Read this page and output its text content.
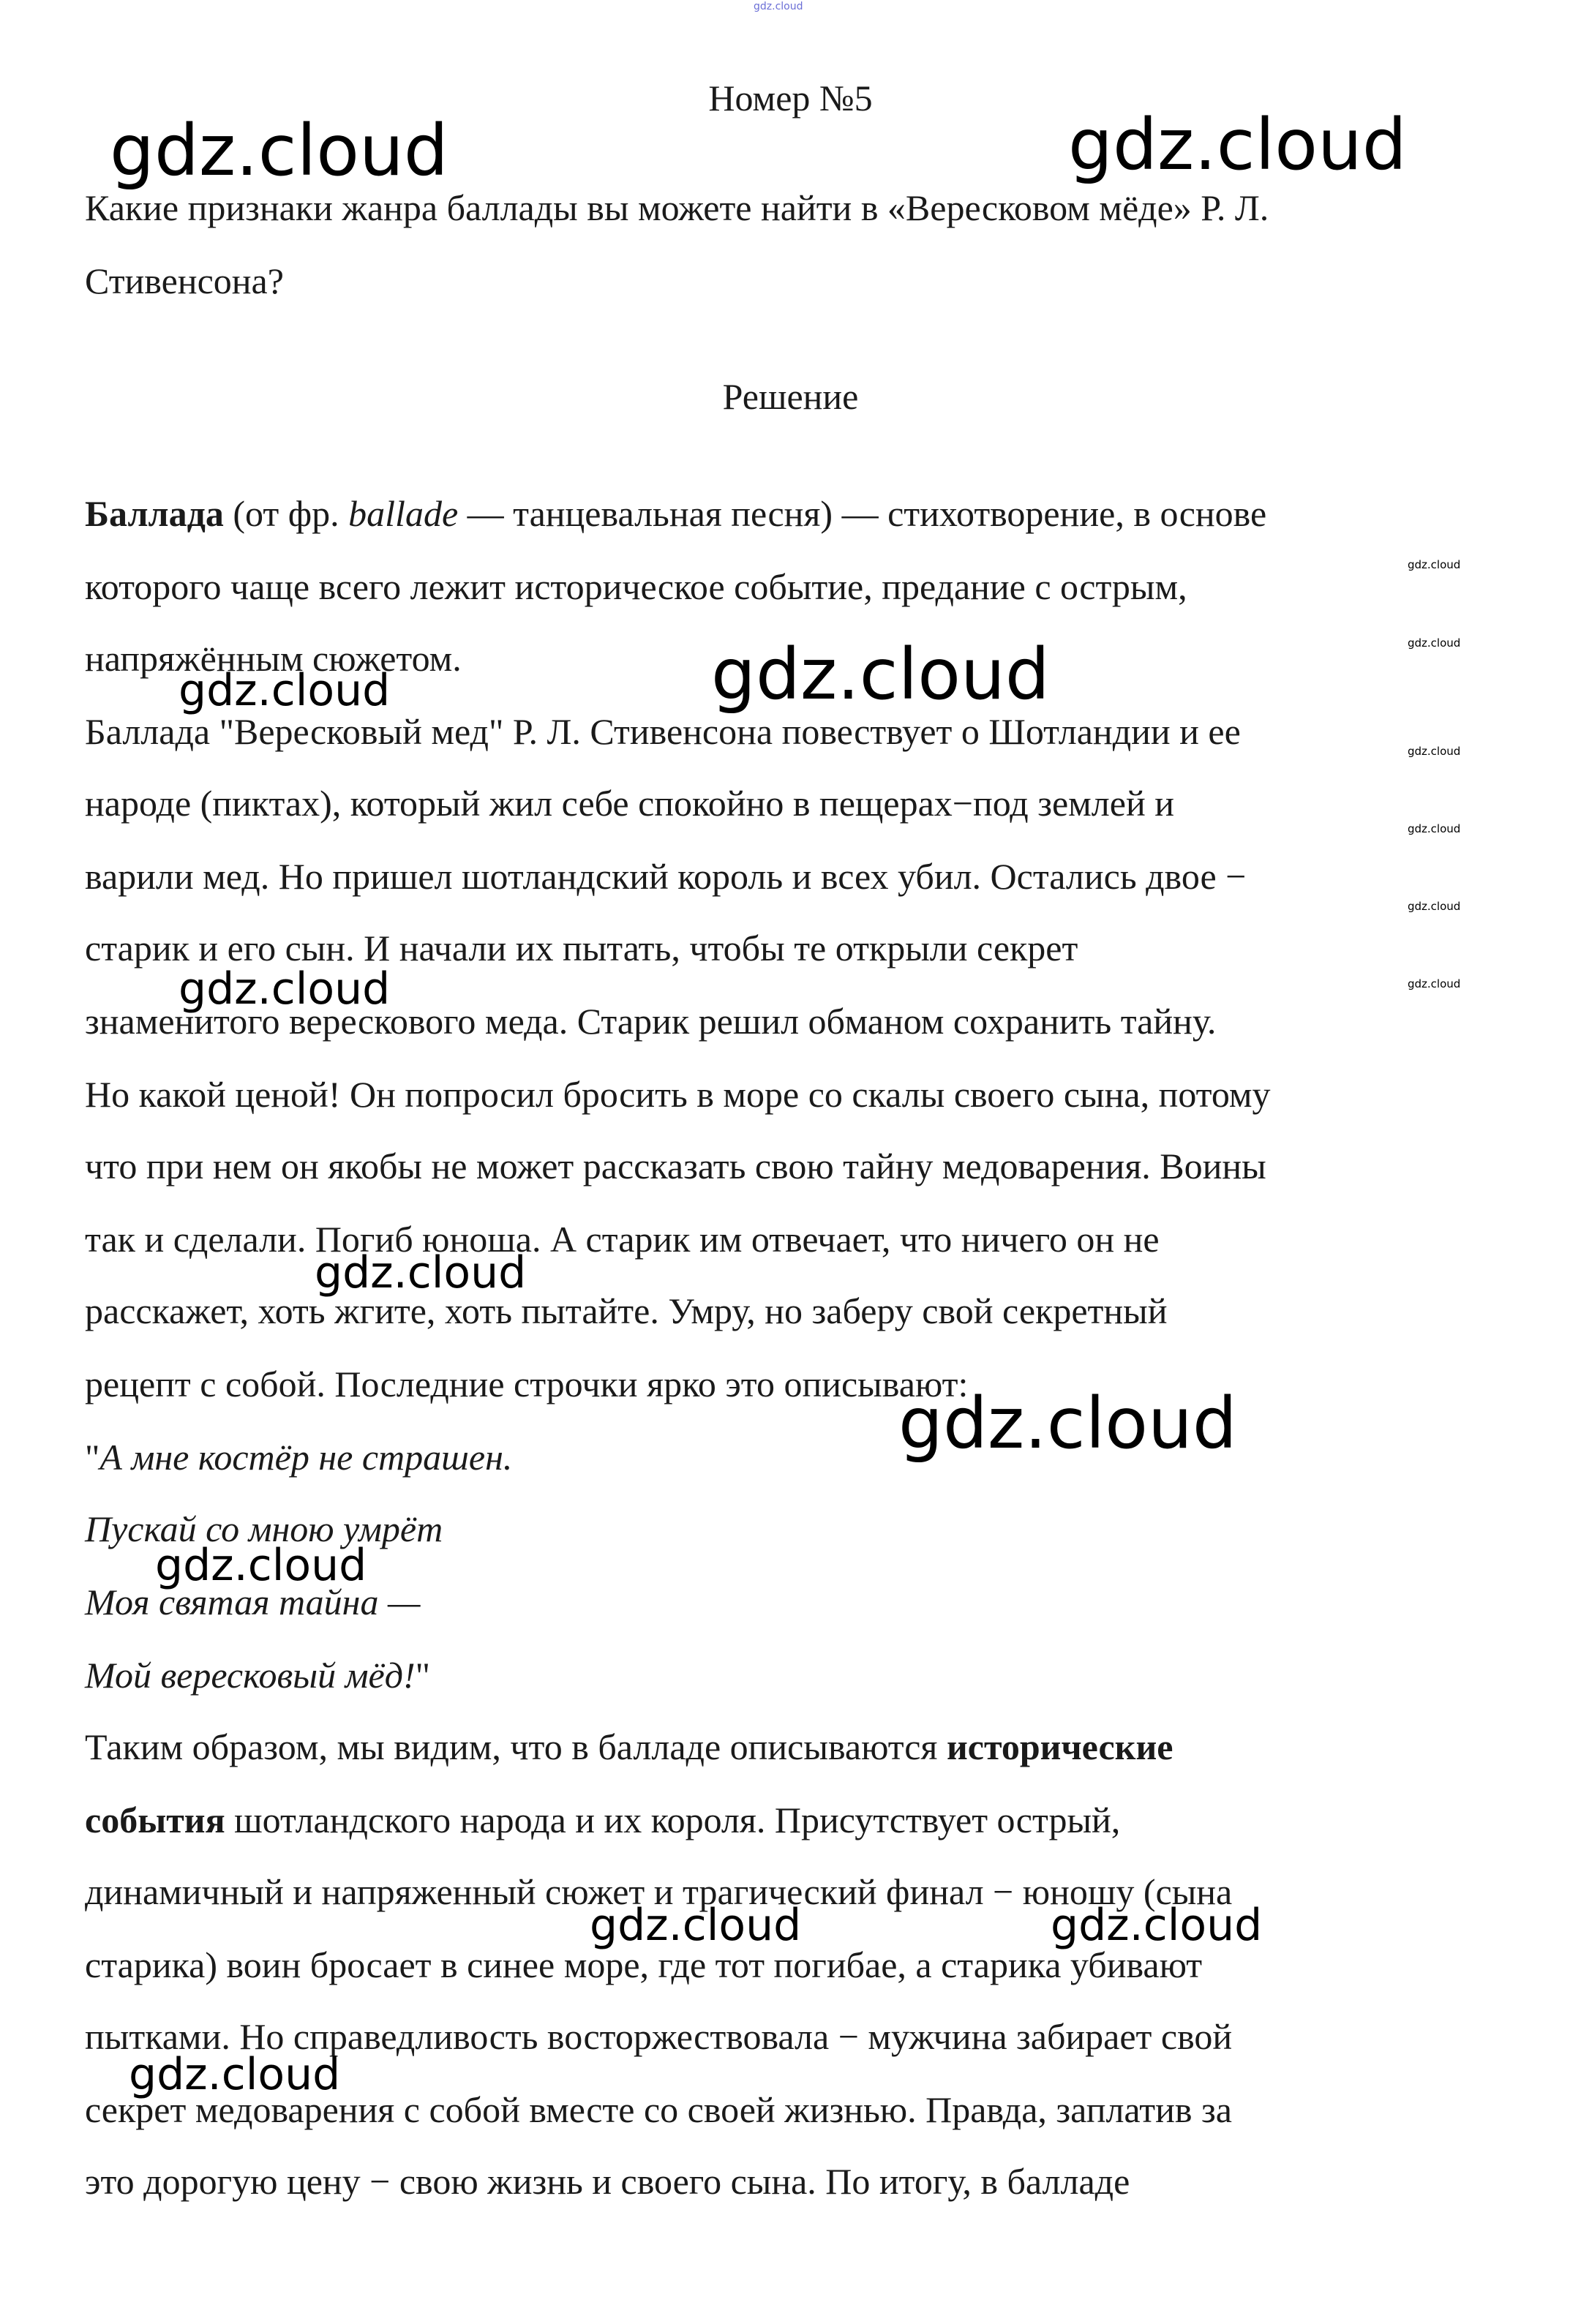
gdz.cloud

Номер №5

Какие признаки жанра баллады вы можете найти в «Вересковом мёде» Р. Л.

Стивенсона?

Решение

Баллада (от фр. ballade — танцевальная песня) — стихотворение, в основе

которого чаще всего лежит историческое событие, предание с острым,

напряжённым сюжетом.

Баллада "Вересковый мед" Р. Л. Стивенсона повествует о Шотландии и ее

народе (пиктах), который жил себе спокойно в пещерах−под землей и

варили мед. Но пришел шотландский король и всех убил. Остались двое −

старик и его сын. И начали их пытать, чтобы те открыли секрет

знаменитого верескового меда. Старик решил обманом сохранить тайну.

Но какой ценой! Он попросил бросить в море со скалы своего сына, потому

что при нем он якобы не может рассказать свою тайну медоварения. Воины

так и сделали. Погиб юноша. А старик им отвечает, что ничего он не

расскажет, хоть жгите, хоть пытайте. Умру, но заберу свой секретный

рецепт с собой. Последние строчки ярко это описывают:

"А мне костёр не страшен.

Пускай со мною умрёт

Моя святая тайна —

Мой вересковый мёд!"

Таким образом, мы видим, что в балладе описываются исторические

события шотландского народа и их короля. Присутствует острый,

динамичный и напряженный сюжет и трагический финал − юношу (сына

старика) воин бросает в синее море, где тот погибае, а старика убивают

пытками. Но справедливость восторжествовала − мужчина забирает свой

секрет медоварения с собой вместе со своей жизнью. Правда, заплатив за

это дорогую цену − свою жизнь и своего сына. По итогу, в балладе

gdz.cloud	gdz.cloud
gdz.cloud
gdz.cloud
gdz.cloud
gdz.cloud
gdz.cloud
gdz.cloud
gdz.cloud	gdz.cloud
gdz.cloud
gdz.cloud
gdz.cloud
gdz.cloud
gdz.cloud
gdz.cloud
gdz.cloud
